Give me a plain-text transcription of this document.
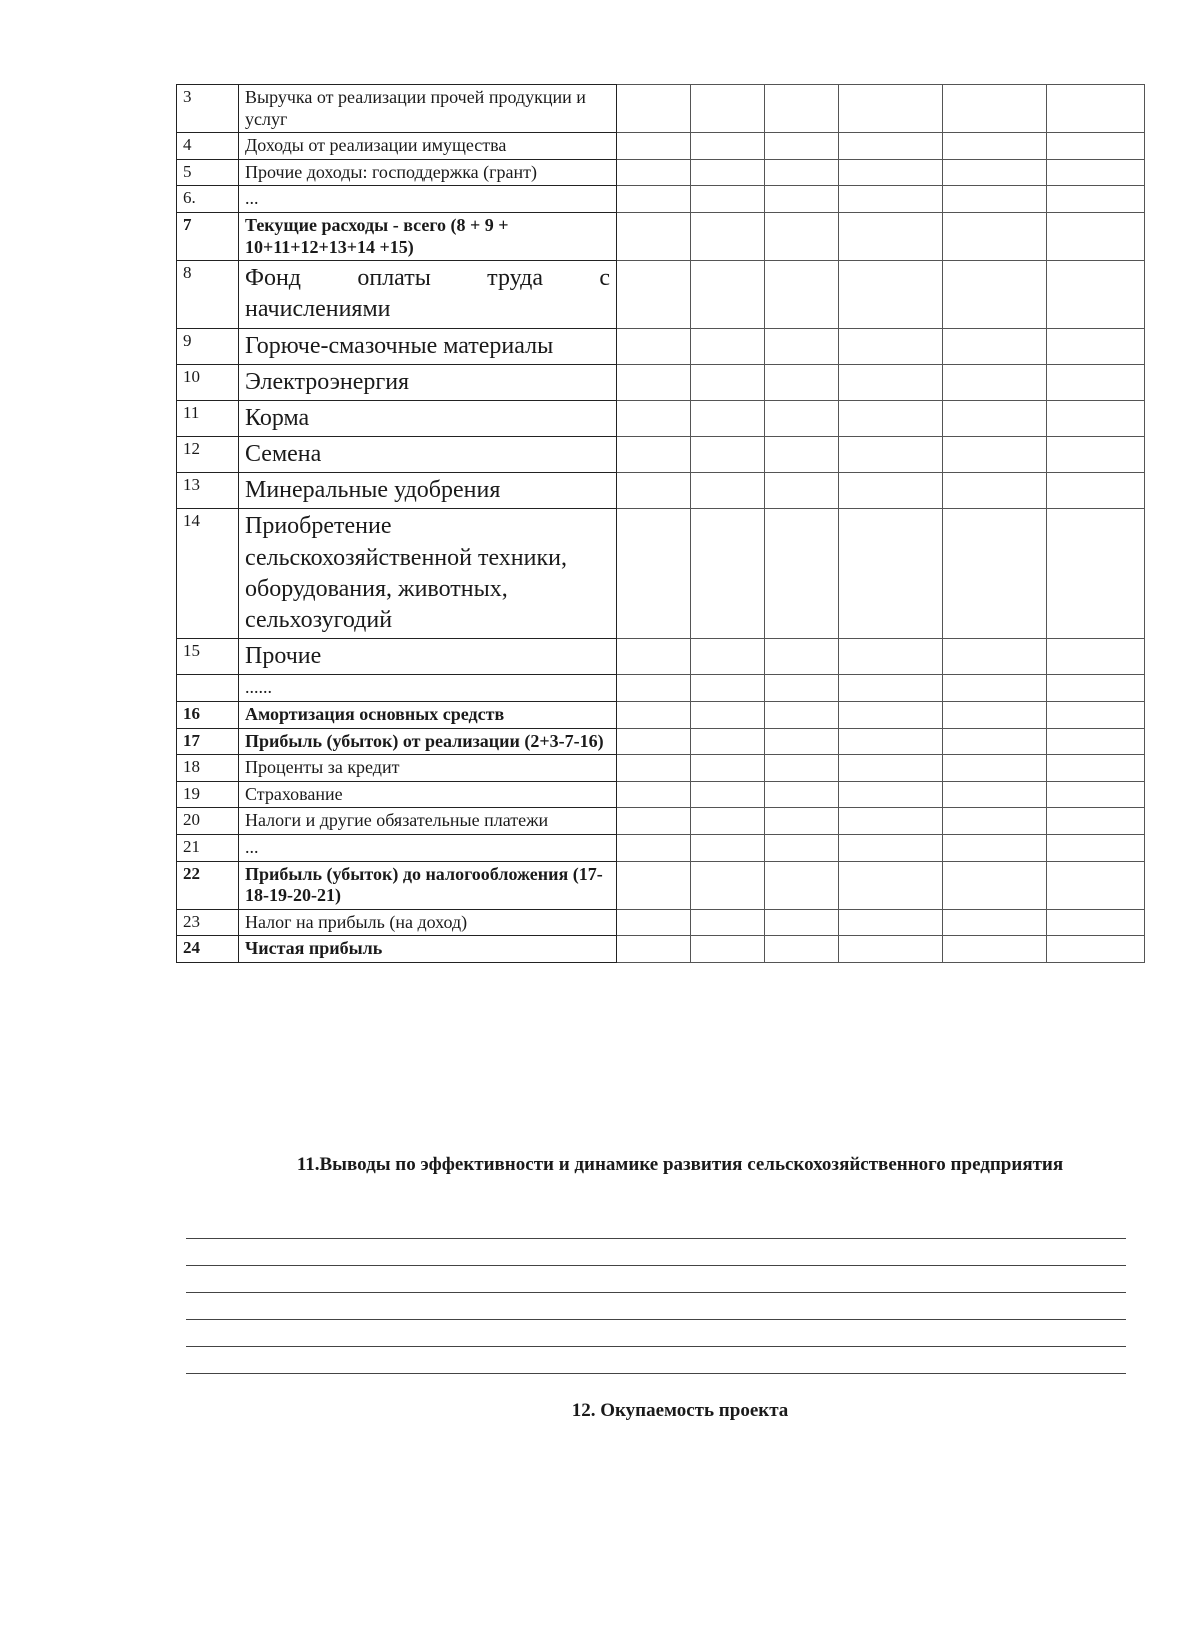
3	Выручка от реализации прочей продукции и услуг						
4	Доходы от реализации имущества						
5	Прочие доходы: господдержка (грант)						
6.	...						
7	Текущие расходы - всего (8 + 9 + 10+11+12+13+14 +15)						
8	Фонд оплаты труда с начислениями						
9	Горюче-смазочные материалы						
10	Электроэнергия						
11	Корма						
12	Семена						
13	Минеральные удобрения						
14	Приобретение сельскохозяйственной техники, оборудования, животных, сельхозугодий						
15	Прочие						
	......						
16	Амортизация основных средств						
17	Прибыль (убыток) от реализации (2+3-7-16)						
18	Проценты за кредит						
19	Страхование						
20	Налоги и другие обязательные платежи						
21	...						
22	Прибыль (убыток) до налогообложения (17-18-19-20-21)						
23	Налог на прибыль (на доход)						
24	Чистая прибыль						
11.Выводы по эффективности и динамике развития сельскохозяйственного предприятия
12. Окупаемость проекта
